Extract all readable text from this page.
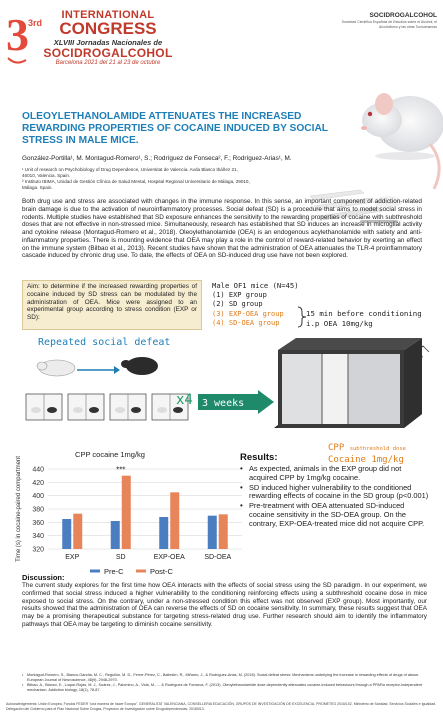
3 3rd
INTERNATIONAL
CONGRESS
XLVIII Jornadas Nacionales de
SOCIDROGALCOHOL
Barcelona 2021 del 21 al 23 de octubre
SOCIDROGALCOHOL
Sociedad Científica Española de Estudios sobre el Alcohol, el Alcoholismo y las otras Toxicomanías
OLEOYLETHANOLAMIDE ATTENUATES THE INCREASED REWARDING PROPERTIES OF COCAINE INDUCED BY SOCIAL STRESS IN MALE MICE.
González-Portilla¹, M. Montagud-Romero¹, S.; Rodríguez de Fonseca², F.; Rodríguez-Arias¹, M.
¹ Unit of research on Psychobiology of Drug Dependence, Universitat de Valencia. Avda Blasco Ibáñez 21, 46010, Valencia. Spain.
² Instituto IBIMA, Unidad de Gestión Clínica de Salud Mental, Hospital Regional Universitario de Málaga, 29010, Málaga. Spain.
Both drug use and stress are associated with changes in the immune response. In this sense, an important component of addiction-related brain damage is due to the activation of neuroinflammatory processes. Social defeat (SD) is a procedure that aims to model social stress in rodents. Multiple studies have established that SD exposure enhances the sensitivity to the rewarding properties of cocaine with subthreshold doses that are not effective in non-stressed mice. Simultaneously, research has established that SD induces an increase in microglial activity and cytokine release (Montagud-Romero et al., 2018). Oleoylethanolamide (OEA) is an endogenous acylethanolamide with satiety and anti-inflammatory properties. There is mounting evidence that OEA may play a role in the control of reward-related behavior by exerting an effect on the immune system (Bilbao et al., 2013). Recent studies have shown that the administration of OEA attenuates the TLR-4 proinflammatory cascade induced by chronic drug use. To date, the effects of OEA on SD-induced drug use have not been explored.
Aim: to determine if the increased rewarding properties of cocaine induced by SD stress can be modulated by the administration of OEA. Mice were assigned to an experimental group according to stress condition (EXP or SD):
Male OF1 mice (N=45)
(1) EXP group
(2) SD group
(3) EXP-OEA group
(4) SD-OEA group
15 min before conditioning
i.p OEA 10mg/kg
Repeated social defeat
x4 3 weeks
CPP subthreshold dose
Cocaine 1mg/kg
CPP cocaine 1mg/kg
320
340
360
380
400
420
440
Time (s) in cocaine-paired compartment	EXP	SD	EXP-OEA	SD-OEA
***
Pre-C	Post-C
Results:
• As expected, animals in the EXP group did not acquired CPP by 1mg/kg cocaine.
• SD induced higher vulnerability to the conditioned rewarding effects of cocaine in the SD group (p<0.001)
• Pre-treatment with OEA attenuated SD-induced cocaine sensitivity in the SD-OEA group. On the contrary, EXP-OEA-treated mice did not acquire CPP.
Discussion:

The current study explores for the first time how OEA interacts with the effects of social stress using the SD paradigm. In our experiment, we confirmed that social stress induced a higher vulnerability to the conditioning reinforcing effects using a subthreshold cocaine dose in mice exposed to social stress. On the contrary, under a non-stressed condition this effect was not observed (EXP group). Most importantly, our results showed that the administration of OEA can reverse the effects of SD on cocaine sensitivity. In summary, these results suggest that OEA may be a promising therapeutical substance for targeting stress-related drug use. Further research should aim to identify the inflammatory pathways that OEA may be targeting to diminish cocaine sensitivity.

• Montagud-Romero, S., Blanco-Gandía, M. C., Reguilón, M. D., Ferrer-Pérez, C., Ballestín, R., Miñarro, J., & Rodríguez-Arias, M. (2018). Social defeat stress: Mechanisms underlying the increase in rewarding effects of drugs of abuse. European Journal of Neuroscience, 48(9), 2948-2970.
• Bilbao, A., Blanco, E., Luque-Rojas, M. J., Suárez, J., Palomino, A., Vida, M., ... & Rodríguez de Fonseca, F. (2013). Oleoylethanolamide dose-dependently attenuates cocaine-induced behaviours through a PPARα receptor-independent mechanism. Addiction biology, 18(1), 78-87.
Acknowledgements: Unión Europea, Fondos FEDER "una manera de hacer Europa". GENERALITAT VALENCIANA, CONSELLERIA EDUCACIÓN, GRUPOS DE INVESTIGACIÓN DE EXCELENCIA. PROMETEO 2016/102. Ministerio de Sanidad, Servicios Sociales e Igualdad. Delegación del Gobierno para el Plan Nacional Sobre Drogas, Proyectos de Investigación sobre Drogodependencias, 2018I013.
